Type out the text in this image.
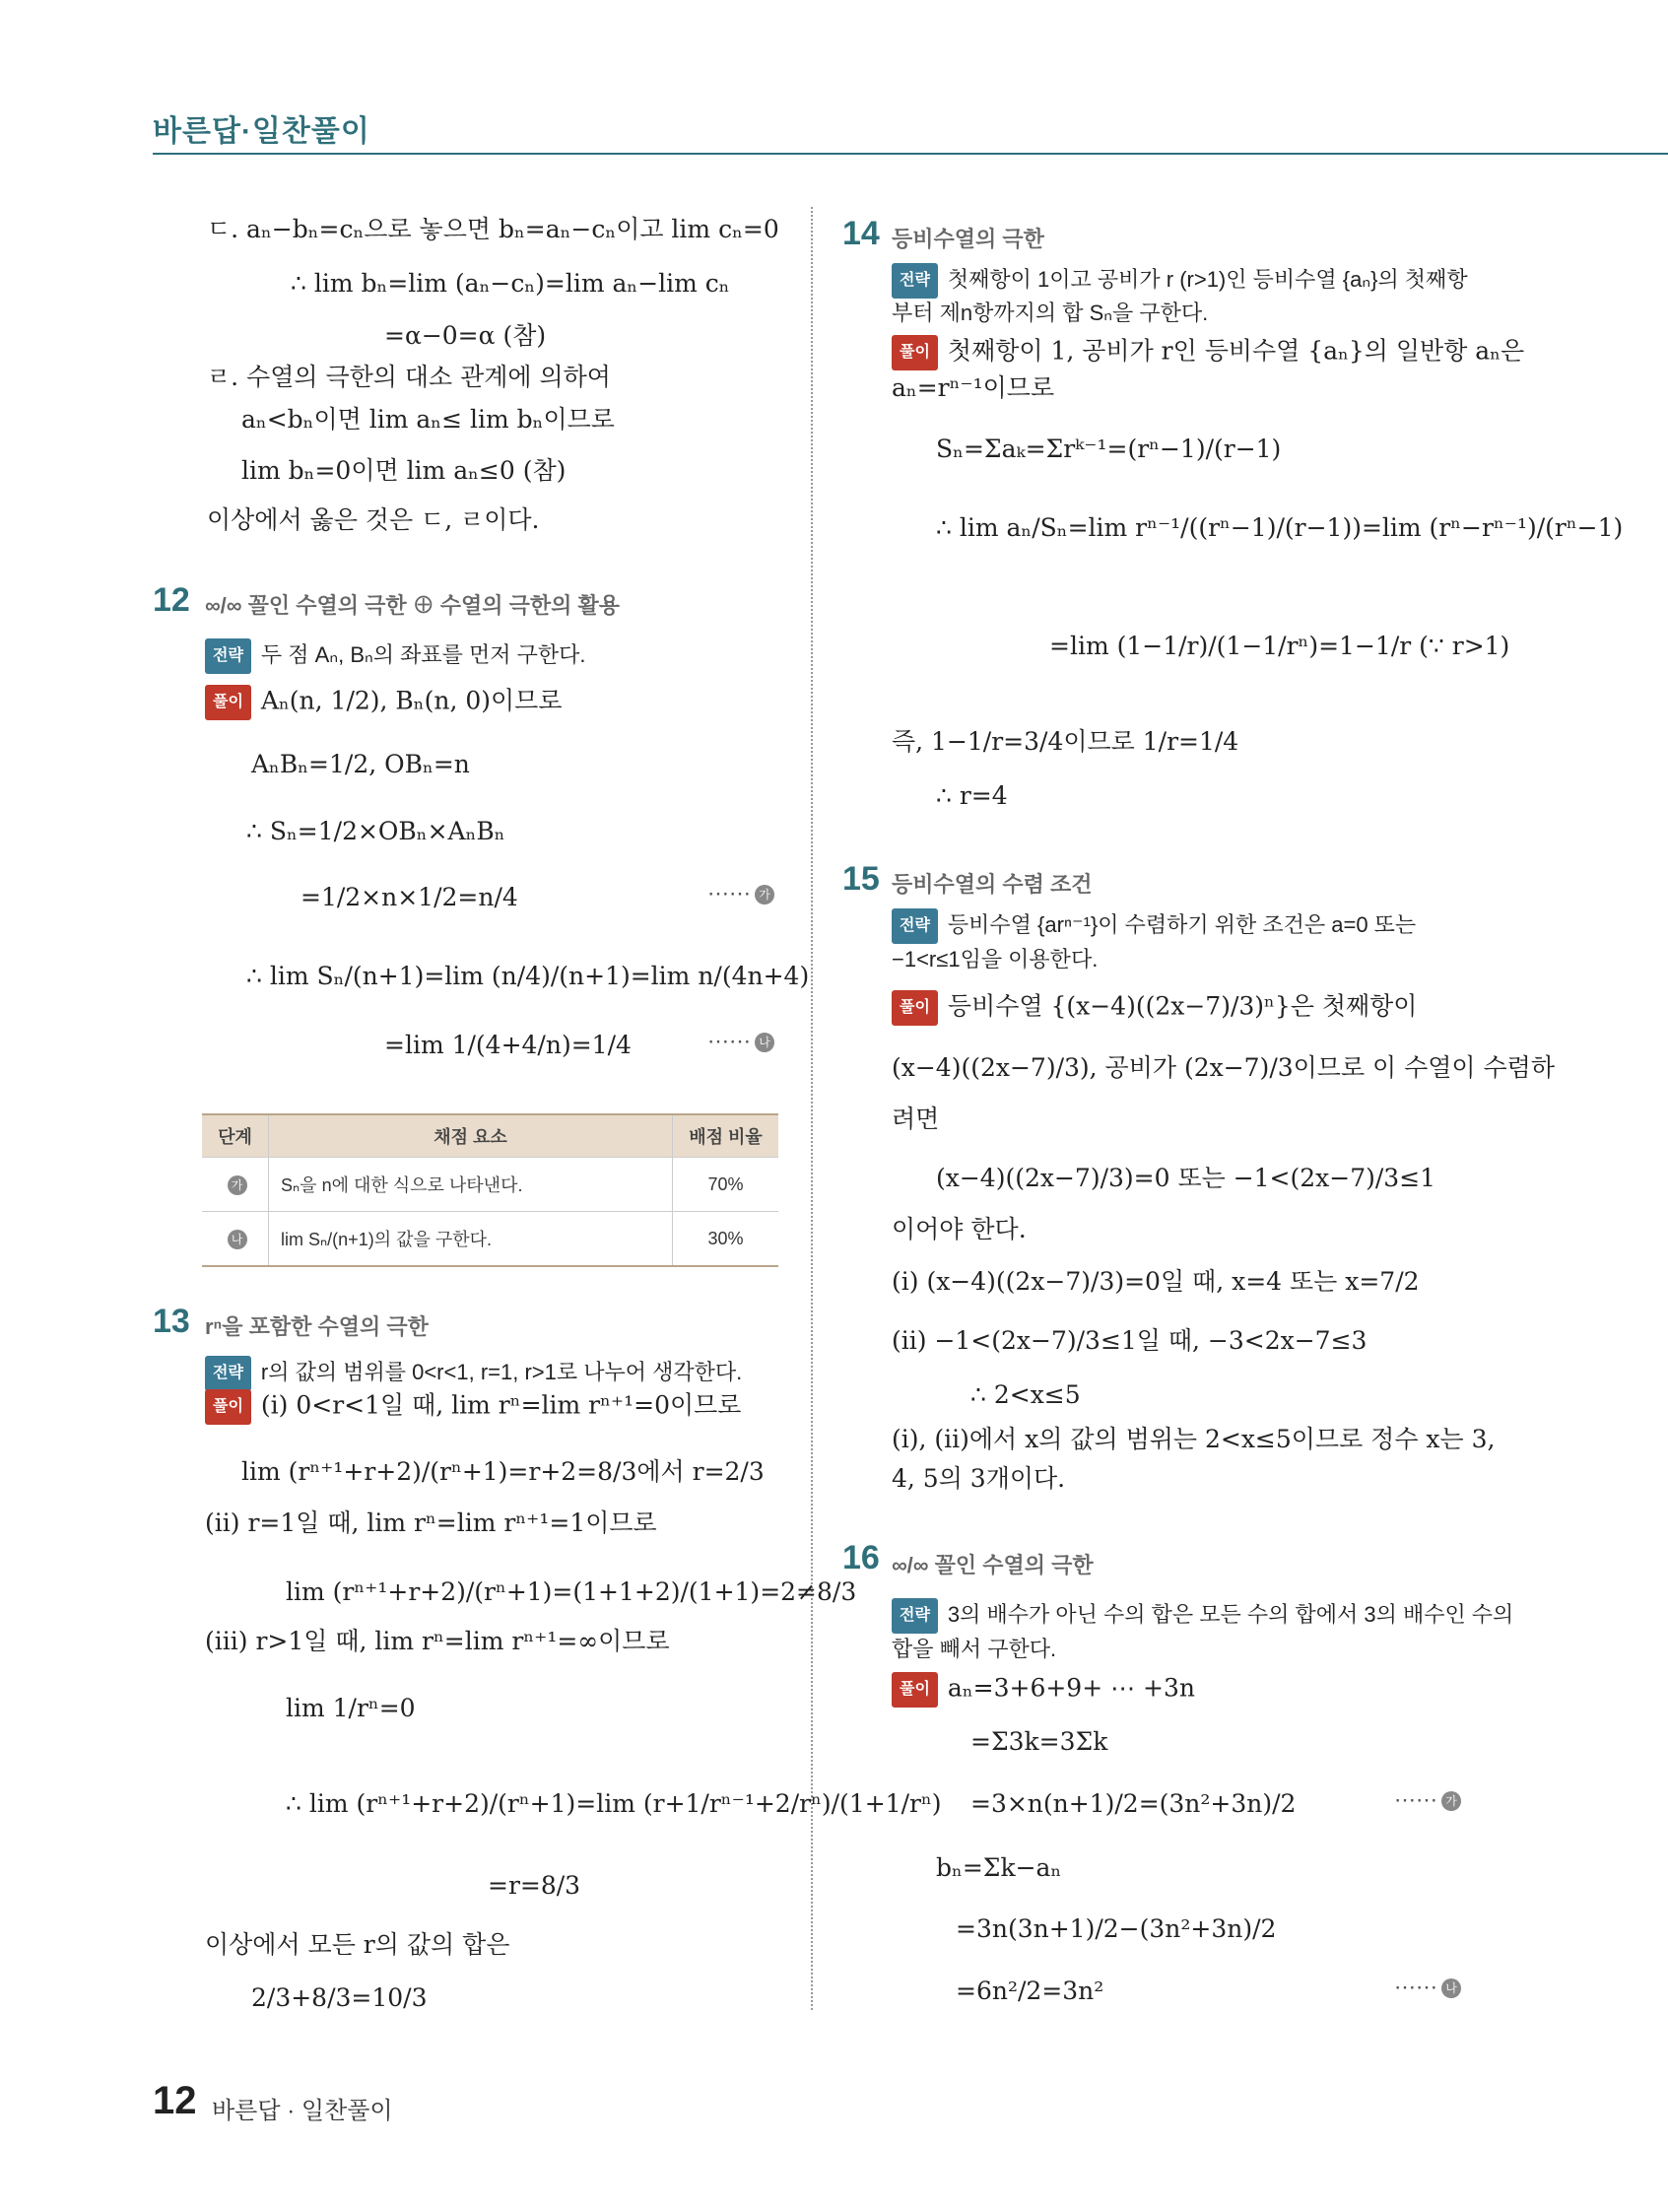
바른답·일찬풀이
ㄷ. aₙ−bₙ=cₙ으로 놓으면 bₙ=aₙ−cₙ이고 lim cₙ=0
∴ lim bₙ=lim (aₙ−cₙ)=lim aₙ−lim cₙ
=α−0=α (참)
ㄹ. 수열의 극한의 대소 관계에 의하여
aₙ<bₙ이면 lim aₙ≤ lim bₙ이므로
lim bₙ=0이면 lim aₙ≤0 (참)
이상에서 옳은 것은 ㄷ, ㄹ이다.
12 ∞/∞ 꼴인 수열의 극한 ⊕ 수열의 극한의 활용
전략 두 점 Aₙ, Bₙ의 좌표를 먼저 구한다.
풀이 Aₙ(n, 1/2), Bₙ(n, 0)이므로
AₙBₙ=1/2, OBₙ=n
∴ Sₙ=1/2×OBₙ×AₙBₙ
=1/2×n×1/2=n/4	⋯⋯ 가
∴ lim Sₙ/(n+1)=lim (n/4)/(n+1)=lim n/(4n+4)
=lim 1/(4+4/n)=1/4	⋯⋯ 나
단계	채점 요소	배점 비율
가	Sₙ을 n에 대한 식으로 나타낸다.	70%
나	lim Sₙ/(n+1)의 값을 구한다.	30%
13 rⁿ을 포함한 수열의 극한
전략 r의 값의 범위를 0<r<1, r=1, r>1로 나누어 생각한다.
풀이 (ⅰ) 0<r<1일 때, lim rⁿ=lim rⁿ⁺¹=0이므로
lim (rⁿ⁺¹+r+2)/(rⁿ+1)=r+2=8/3에서 r=2/3
(ⅱ) r=1일 때, lim rⁿ=lim rⁿ⁺¹=1이므로
lim (rⁿ⁺¹+r+2)/(rⁿ+1)=(1+1+2)/(1+1)=2≠8/3
(ⅲ) r>1일 때, lim rⁿ=lim rⁿ⁺¹=∞이므로
lim 1/rⁿ=0
∴ lim (rⁿ⁺¹+r+2)/(rⁿ+1)=lim (r+1/rⁿ⁻¹+2/rⁿ)/(1+1/rⁿ)
=r=8/3
이상에서 모든 r의 값의 합은
2/3+8/3=10/3
14 등비수열의 극한
전략 첫째항이 1이고 공비가 r (r>1)인 등비수열 {aₙ}의 첫째항
부터 제n항까지의 합 Sₙ을 구한다.
풀이 첫째항이 1, 공비가 r인 등비수열 {aₙ}의 일반항 aₙ은
aₙ=rⁿ⁻¹이므로
Sₙ=Σaₖ=Σrᵏ⁻¹=(rⁿ−1)/(r−1)
∴ lim aₙ/Sₙ=lim rⁿ⁻¹/((rⁿ−1)/(r−1))=lim (rⁿ−rⁿ⁻¹)/(rⁿ−1)
=lim (1−1/r)/(1−1/rⁿ)=1−1/r (∵ r>1)
즉, 1−1/r=3/4이므로 1/r=1/4
∴ r=4
15 등비수열의 수렴 조건
전략 등비수열 {arⁿ⁻¹}이 수렴하기 위한 조건은 a=0 또는
−1<r≤1임을 이용한다.
풀이 등비수열 {(x−4)((2x−7)/3)ⁿ}은 첫째항이
(x−4)((2x−7)/3), 공비가 (2x−7)/3이므로 이 수열이 수렴하
려면
(x−4)((2x−7)/3)=0 또는 −1<(2x−7)/3≤1
이어야 한다.
(ⅰ) (x−4)((2x−7)/3)=0일 때, x=4 또는 x=7/2
(ⅱ) −1<(2x−7)/3≤1일 때, −3<2x−7≤3
∴ 2<x≤5
(ⅰ), (ⅱ)에서 x의 값의 범위는 2<x≤5이므로 정수 x는 3,
4, 5의 3개이다.
16 ∞/∞ 꼴인 수열의 극한
전략 3의 배수가 아닌 수의 합은 모든 수의 합에서 3의 배수인 수의
합을 빼서 구한다.
풀이 aₙ=3+6+9+ ⋯ +3n
=Σ3k=3Σk
=3×n(n+1)/2=(3n²+3n)/2	⋯⋯ 가
bₙ=Σk−aₙ
=3n(3n+1)/2−(3n²+3n)/2
=6n²/2=3n²	⋯⋯ 나
12 바른답 · 일찬풀이
